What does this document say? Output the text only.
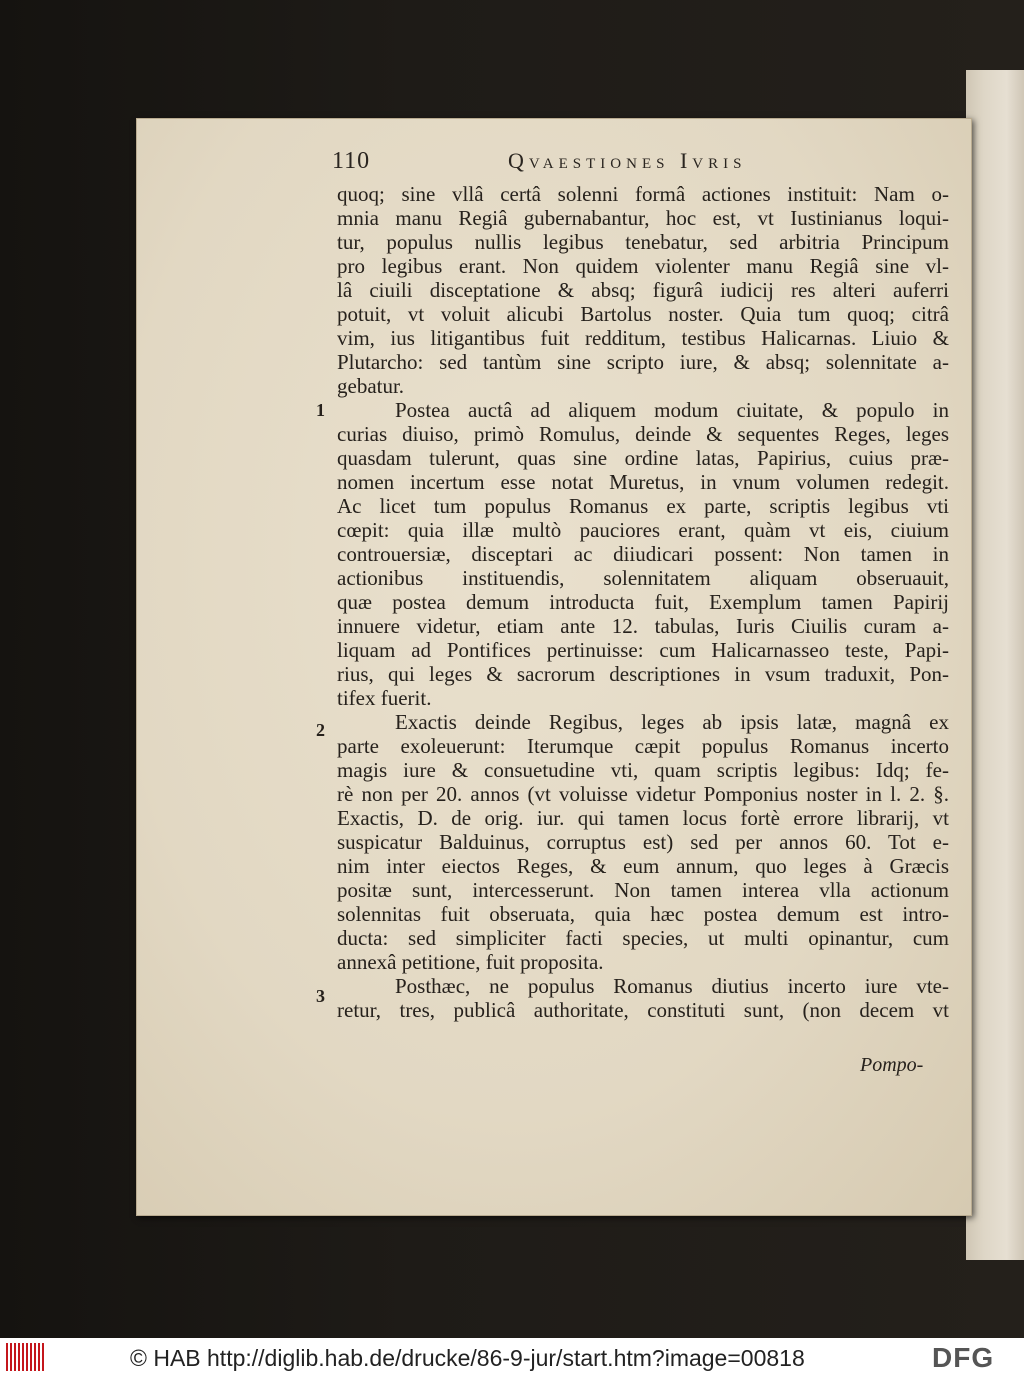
110	Qvaestiones Ivris
quoq; sine vllâ certâ solenni formâ actiones instituit: Nam o-
mnia manu Regiâ gubernabantur, hoc est, vt Iustinianus loqui-
tur, populus nullis legibus tenebatur, sed arbitria Principum
pro legibus erant. Non quidem violenter manu Regiâ sine vl-
lâ ciuili disceptatione & absq; figurâ iudicij res alteri auferri
potuit, vt voluit alicubi Bartolus noster. Quia tum quoq; citrâ
vim, ius litigantibus fuit redditum, testibus Halicarnas. Liuio &
Plutarcho: sed tantùm sine scripto iure, & absq; solennitate a-
gebatur.
Postea auctâ ad aliquem modum ciuitate, & populo in
curias diuiso, primò Romulus, deinde & sequentes Reges, leges
quasdam tulerunt, quas sine ordine latas, Papirius, cuius præ-
nomen incertum esse notat Muretus, in vnum volumen redegit.
Ac licet tum populus Romanus ex parte, scriptis legibus vti
cœpit: quia illæ multò pauciores erant, quàm vt eis, ciuium
controuersiæ, disceptari ac diiudicari possent: Non tamen in
actionibus instituendis, solennitatem aliquam obseruauit,
quæ postea demum introducta fuit, Exemplum tamen Papirij
innuere videtur, etiam ante 12. tabulas, Iuris Ciuilis curam a-
liquam ad Pontifices pertinuisse: cum Halicarnasseo teste, Papi-
rius, qui leges & sacrorum descriptiones in vsum traduxit, Pon-
tifex fuerit.
Exactis deinde Regibus, leges ab ipsis latæ, magnâ ex
parte exoleuerunt: Iterumque cæpit populus Romanus incerto
magis iure & consuetudine vti, quam scriptis legibus: Idq; fe-
rè non per 20. annos (vt voluisse videtur Pomponius noster in l. 2. §.
Exactis, D. de orig. iur. qui tamen locus fortè errore librarij, vt
suspicatur Balduinus, corruptus est) sed per annos 60. Tot e-
nim inter eiectos Reges, & eum annum, quo leges à Græcis
positæ sunt, intercesserunt. Non tamen interea vlla actionum
solennitas fuit obseruata, quia hæc postea demum est intro-
ducta: sed simpliciter facti species, ut multi opinantur, cum
annexâ petitione, fuit proposita.
Posthæc, ne populus Romanus diutius incerto iure vte-
retur, tres, publicâ authoritate, constituti sunt, (non decem vt
1
2
3
Pompo-
© HAB http://diglib.hab.de/drucke/86-9-jur/start.htm?image=00818	DFG
